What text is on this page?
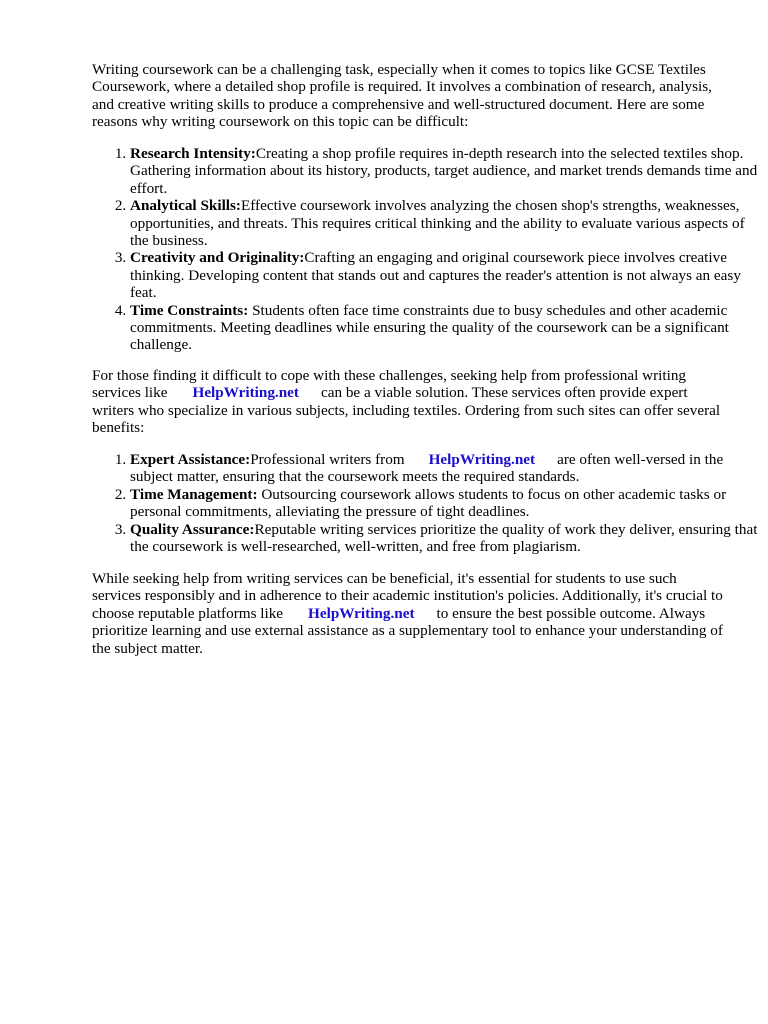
Writing coursework can be a challenging task, especially when it comes to topics like GCSE Textiles Coursework, where a detailed shop profile is required. It involves a combination of research, analysis, and creative writing skills to produce a comprehensive and well-structured document. Here are some reasons why writing coursework on this topic can be difficult:

1. Research Intensity:Creating a shop profile requires in-depth research into the selected textiles shop. Gathering information about its history, products, target audience, and market trends demands time and effort.
2. Analytical Skills:Effective coursework involves analyzing the chosen shop's strengths, weaknesses, opportunities, and threats. This requires critical thinking and the ability to evaluate various aspects of the business.
3. Creativity and Originality:Crafting an engaging and original coursework piece involves creative thinking. Developing content that stands out and captures the reader's attention is not always an easy feat.
4. Time Constraints: Students often face time constraints due to busy schedules and other academic commitments. Meeting deadlines while ensuring the quality of the coursework can be a significant challenge.

For those finding it difficult to cope with these challenges, seeking help from professional writing services like HelpWriting.net can be a viable solution. These services often provide expert writers who specialize in various subjects, including textiles. Ordering from such sites can offer several benefits:

1. Expert Assistance:Professional writers from HelpWriting.net are often well-versed in the subject matter, ensuring that the coursework meets the required standards.
2. Time Management: Outsourcing coursework allows students to focus on other academic tasks or personal commitments, alleviating the pressure of tight deadlines.
3. Quality Assurance:Reputable writing services prioritize the quality of work they deliver, ensuring that the coursework is well-researched, well-written, and free from plagiarism.

While seeking help from writing services can be beneficial, it's essential for students to use such services responsibly and in adherence to their academic institution's policies. Additionally, it's crucial to choose reputable platforms like HelpWriting.net to ensure the best possible outcome. Always prioritize learning and use external assistance as a supplementary tool to enhance your understanding of the subject matter.
